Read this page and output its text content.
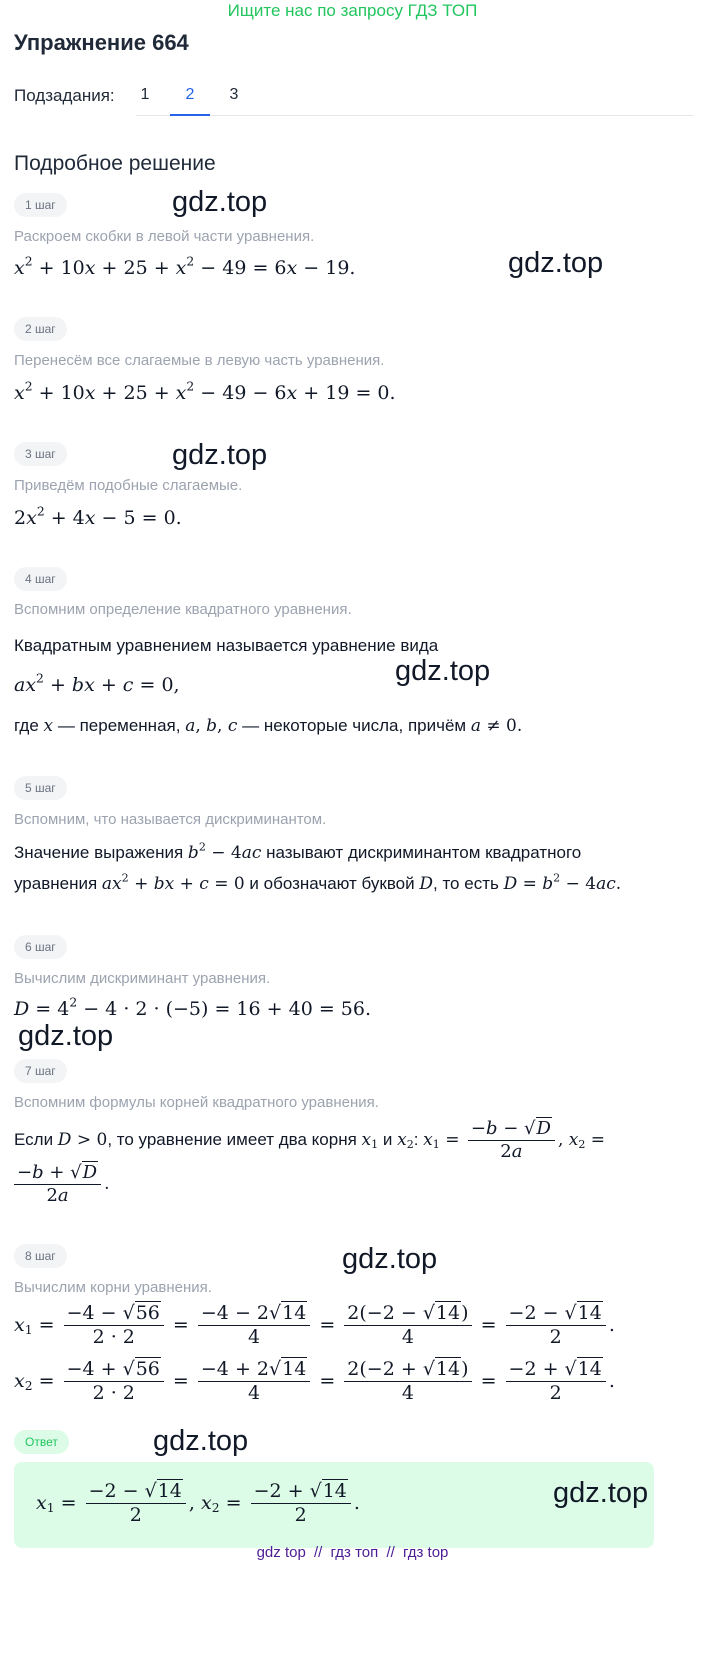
Ищите нас по запросу ГДЗ ТОП
Упражнение 664
Подзадания:	1	2	3
Подробное решение
1 шаг
Раскроем скобки в левой части уравнения.
$x^2 + 10x + 25 + x^2 - 49 = 6x - 19$.
2 шаг
Перенесём все слагаемые в левую часть уравнения.
$x^2 + 10x + 25 + x^2 - 49 - 6x + 19 = 0$.
3 шаг
Приведём подобные слагаемые.
$2x^2 + 4x - 5 = 0$.
4 шаг
Вспомним определение квадратного уравнения.
Квадратным уравнением называется уравнение вида
$ax^2$ + bx + c = 0,
где x — переменная, a, b, c — некоторые числа, причём a ≠ 0.
5 шаг
Вспомним, что называется дискриминантом.
Значение выражения $b^2 - 4ac$ называют дискриминантом квадратного
уравнения $ax^2$ + bx + c = 0 и обозначают буквой D, то есть $D = b^2 - 4ac$.
6 шаг
Вычислим дискриминант уравнения.
$D = 4^2 - 4 \cdot 2 \cdot (-5) = 16 + 40 = 56$.
7 шаг
Вспомним формулы корней квадратного уравнения.
Если D > 0, то уравнение имеет два корня $x_1$ и $x_2$: $x_1 = \frac{-b - √D}{2a}$ , $x_2$ =
$\frac{-b + √D}{2a}$ .
8 шаг
Вычислим корни уравнения.
$x_1 = \frac{-4 - √56}{2 \cdot 2} = \frac{-4 - 2√14}{4} = \frac{2(-2 - √14)}{4} = \frac{-2 - √14}{2}$ .
$x_2 = \frac{-4 + √56}{2 \cdot 2} = \frac{-4 + 2√14}{4} = \frac{2(-2 + √14)}{4} = \frac{-2 + √14}{2}$ .
Ответ
$x_1 = \frac{-2 - √14}{2}$ , $x_2 = \frac{-2 + √14}{2}$ .
gdz.top
gdz.top
gdz.top
gdz.top
gdz.top
gdz.top
gdz.top
gdz.top
gdz top // гдз топ // гдз top
